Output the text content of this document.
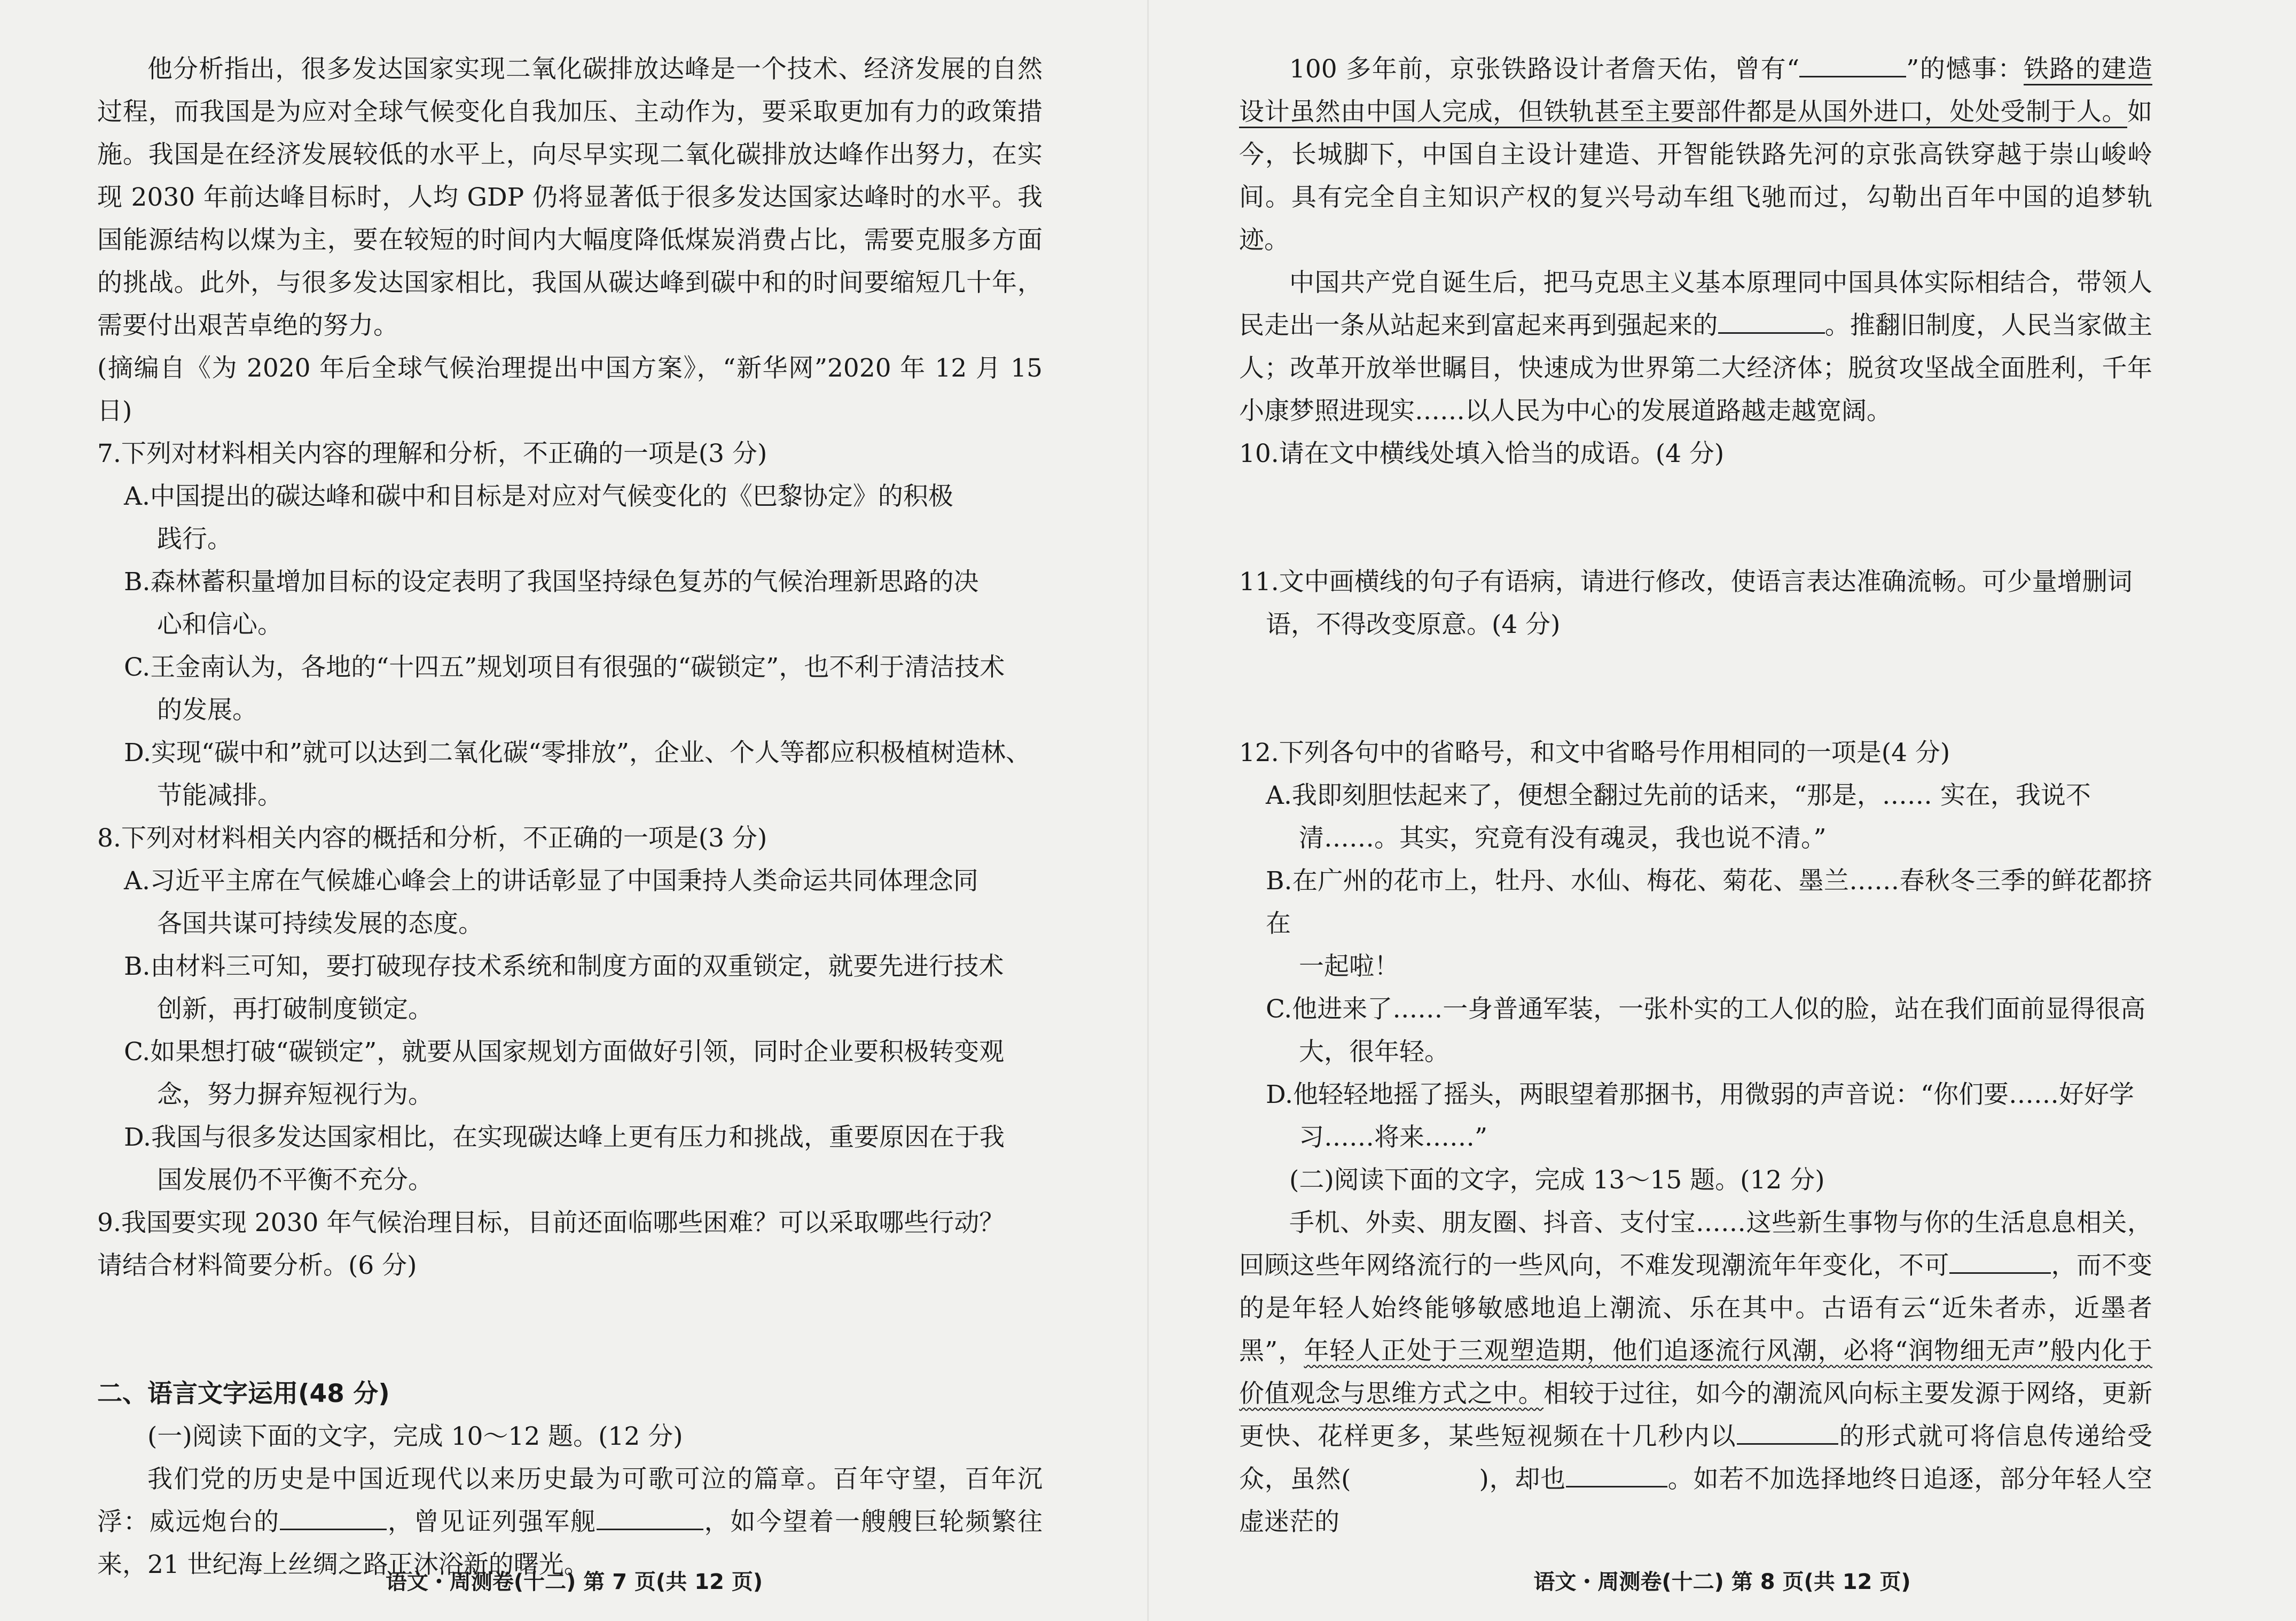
他分析指出，很多发达国家实现二氧化碳排放达峰是一个技术、经济发展的自然过程，而我国是为应对全球气候变化自我加压、主动作为，要采取更加有力的政策措施。我国是在经济发展较低的水平上，向尽早实现二氧化碳排放达峰作出努力，在实现 2030 年前达峰目标时，人均 GDP 仍将显著低于很多发达国家达峰时的水平。我国能源结构以煤为主，要在较短的时间内大幅度降低煤炭消费占比，需要克服多方面的挑战。此外，与很多发达国家相比，我国从碳达峰到碳中和的时间要缩短几十年，需要付出艰苦卓绝的努力。

(摘编自《为 2020 年后全球气候治理提出中国方案》，“新华网”2020 年 12 月 15 日)

7.下列对材料相关内容的理解和分析，不正确的一项是(3 分)

A.中国提出的碳达峰和碳中和目标是对应对气候变化的《巴黎协定》的积极

践行。

B.森林蓄积量增加目标的设定表明了我国坚持绿色复苏的气候治理新思路的决

心和信心。

C.王金南认为，各地的“十四五”规划项目有很强的“碳锁定”，也不利于清洁技术

的发展。

D.实现“碳中和”就可以达到二氧化碳“零排放”，企业、个人等都应积极植树造林、

节能减排。

8.下列对材料相关内容的概括和分析，不正确的一项是(3 分)

A.习近平主席在气候雄心峰会上的讲话彰显了中国秉持人类命运共同体理念同

各国共谋可持续发展的态度。

B.由材料三可知，要打破现存技术系统和制度方面的双重锁定，就要先进行技术

创新，再打破制度锁定。

C.如果想打破“碳锁定”，就要从国家规划方面做好引领，同时企业要积极转变观

念，努力摒弃短视行为。

D.我国与很多发达国家相比，在实现碳达峰上更有压力和挑战，重要原因在于我

国发展仍不平衡不充分。

9.我国要实现 2030 年气候治理目标，目前还面临哪些困难？可以采取哪些行动？

请结合材料简要分析。(6 分)

二、语言文字运用(48 分)

(一)阅读下面的文字，完成 10～12 题。(12 分)

我们党的历史是中国近现代以来历史最为可歌可泣的篇章。百年守望，百年沉浮：威远炮台的	，曾见证列强军舰	，如今望着一艘艘巨轮频繁往来，21 世纪海上丝绸之路正沐浴新的曙光。

语文・周测卷(十二) 第 7 页(共 12 页)

100 多年前，京张铁路设计者詹天佑，曾有“	”的憾事：铁路的建造设计虽然由中国人完成，但铁轨甚至主要部件都是从国外进口，处处受制于人。如今，长城脚下，中国自主设计建造、开智能铁路先河的京张高铁穿越于崇山峻岭间。具有完全自主知识产权的复兴号动车组飞驰而过，勾勒出百年中国的追梦轨迹。

中国共产党自诞生后，把马克思主义基本原理同中国具体实际相结合，带领人民走出一条从站起来到富起来再到强起来的	。推翻旧制度，人民当家做主人；改革开放举世瞩目，快速成为世界第二大经济体；脱贫攻坚战全面胜利，千年小康梦照进现实……以人民为中心的发展道路越走越宽阔。

10.请在文中横线处填入恰当的成语。(4 分)

11.文中画横线的句子有语病，请进行修改，使语言表达准确流畅。可少量增删词

语，不得改变原意。(4 分)

12.下列各句中的省略号，和文中省略号作用相同的一项是(4 分)

A.我即刻胆怯起来了，便想全翻过先前的话来，“那是，…… 实在，我说不

清……。其实，究竟有没有魂灵，我也说不清。”

B.在广州的花市上，牡丹、水仙、梅花、菊花、墨兰……春秋冬三季的鲜花都挤在

一起啦！

C.他进来了……一身普通军装，一张朴实的工人似的脸，站在我们面前显得很高

大，很年轻。

D.他轻轻地摇了摇头，两眼望着那捆书，用微弱的声音说：“你们要……好好学

习……将来……”

(二)阅读下面的文字，完成 13～15 题。(12 分)

手机、外卖、朋友圈、抖音、支付宝……这些新生事物与你的生活息息相关，回顾这些年网络流行的一些风向，不难发现潮流年年变化，不可	，而不变的是年轻人始终能够敏感地追上潮流、乐在其中。古语有云“近朱者赤，近墨者黑”，年轻人正处于三观塑造期，他们追逐流行风潮，必将“润物细无声”般内化于价值观念与思维方式之中。相较于过往，如今的潮流风向标主要发源于网络，更新更快、花样更多，某些短视频在十几秒内以	的形式就可将信息传递给受众，虽然(	)，却也	。如若不加选择地终日追逐，部分年轻人空虚迷茫的

语文・周测卷(十二) 第 8 页(共 12 页)
